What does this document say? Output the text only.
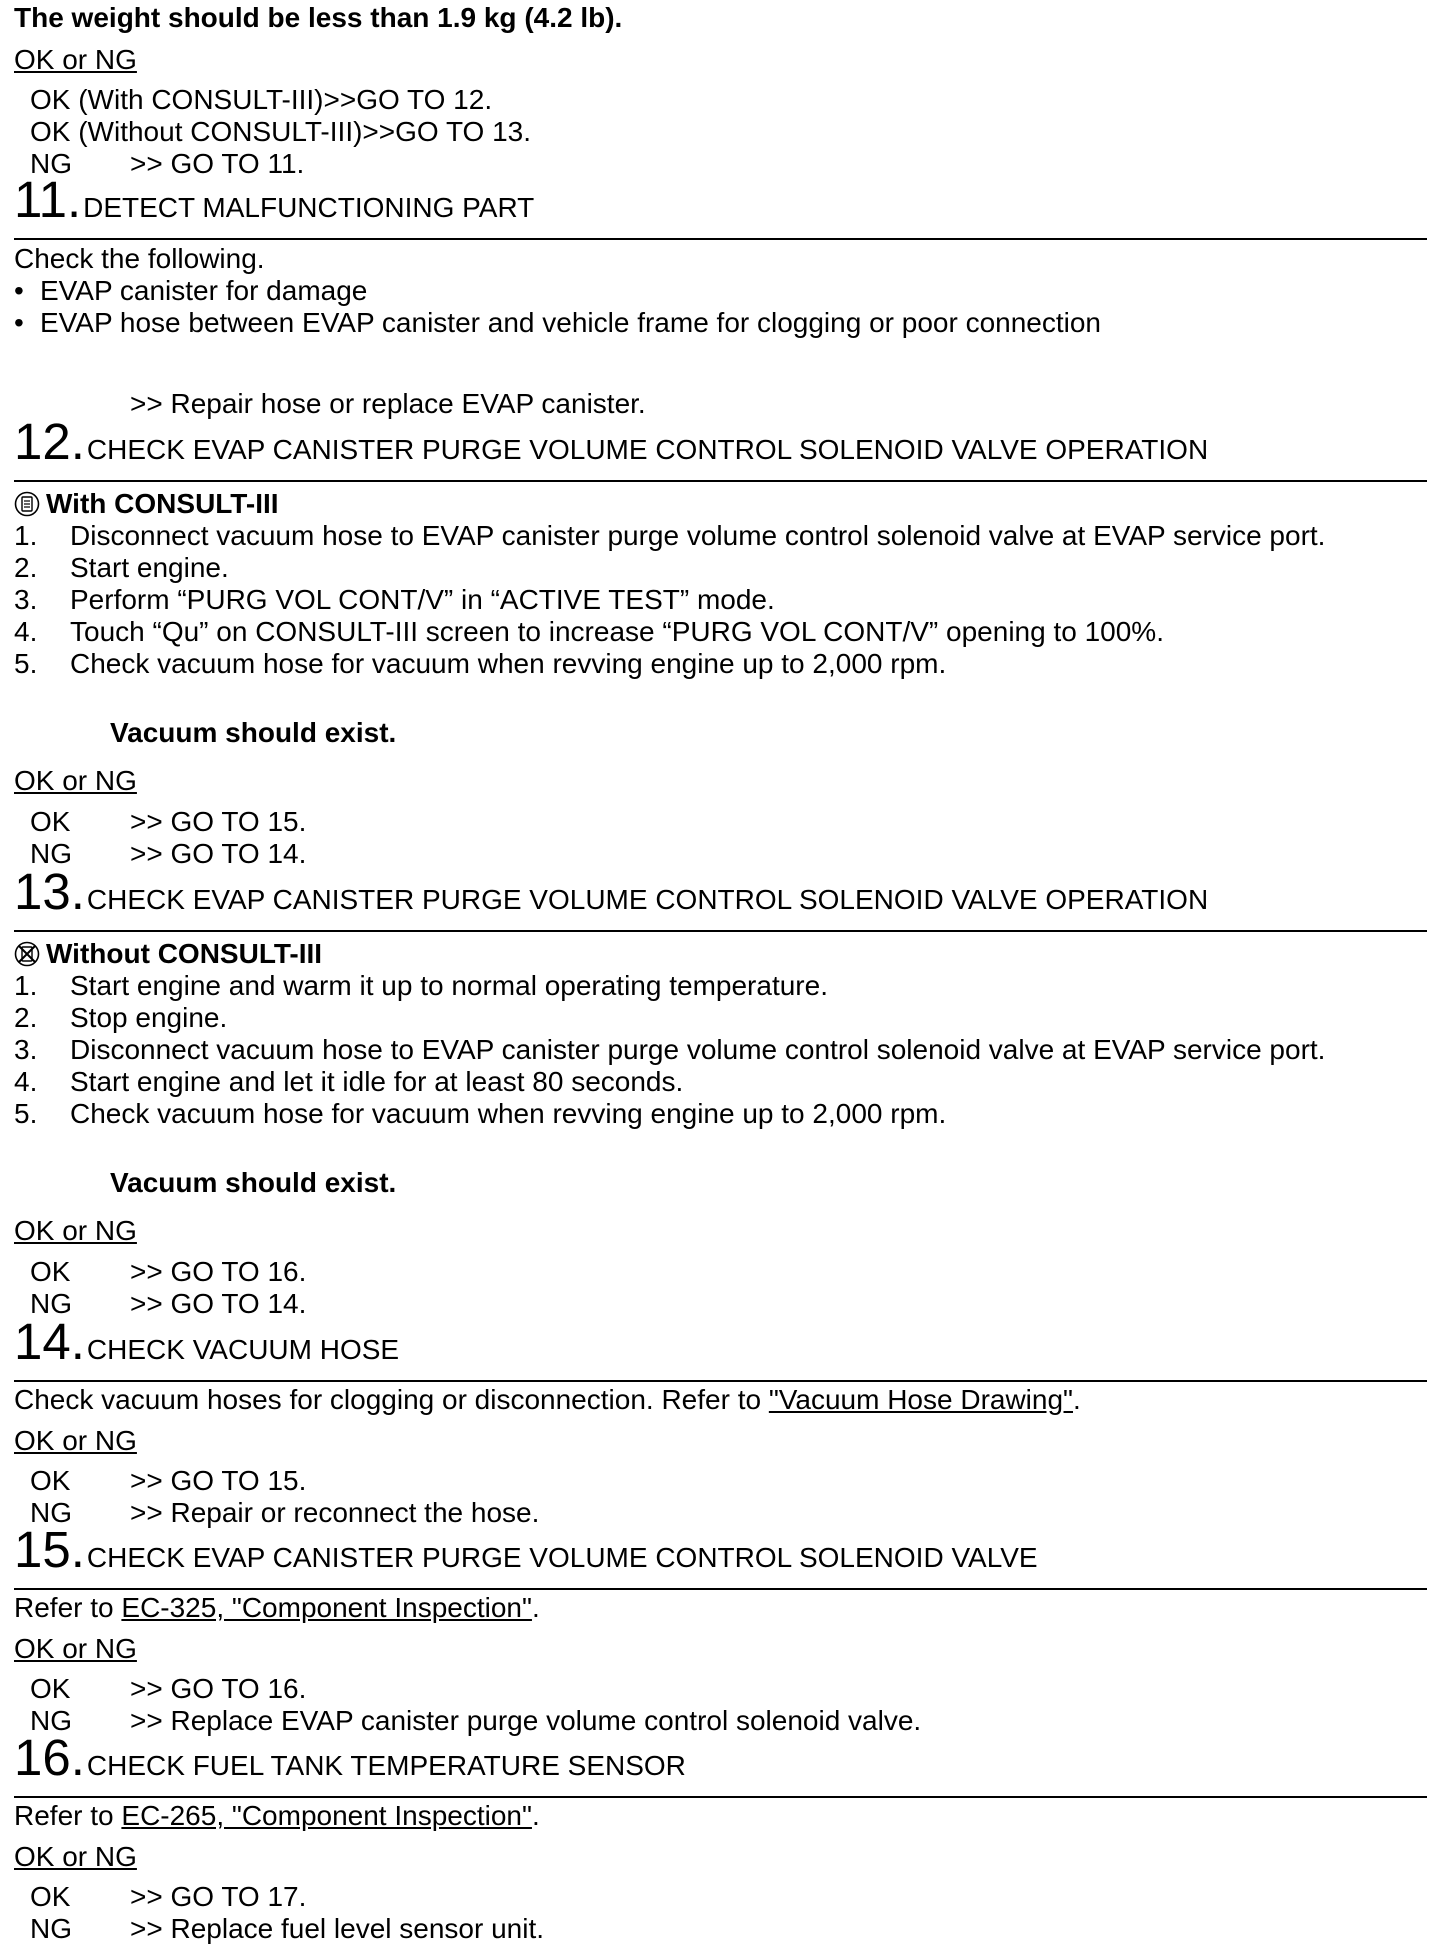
The weight should be less than 1.9 kg (4.2 lb).
OK or NG
OK (With CONSULT-III)>>GO TO 12.
OK (Without CONSULT-III)>>GO TO 13.
NG >> GO TO 11.
11.DETECT MALFUNCTIONING PART
Check the following.
• EVAP canister for damage
• EVAP hose between EVAP canister and vehicle frame for clogging or poor connection
>> Repair hose or replace EVAP canister.
12.CHECK EVAP CANISTER PURGE VOLUME CONTROL SOLENOID VALVE OPERATION
With CONSULT-III
1. Disconnect vacuum hose to EVAP canister purge volume control solenoid valve at EVAP service port.
2. Start engine.
3. Perform “PURG VOL CONT/V” in “ACTIVE TEST” mode.
4. Touch “Qu” on CONSULT-III screen to increase “PURG VOL CONT/V” opening to 100%.
5. Check vacuum hose for vacuum when revving engine up to 2,000 rpm.
Vacuum should exist.
OK or NG
OK >> GO TO 15.
NG >> GO TO 14.
13.CHECK EVAP CANISTER PURGE VOLUME CONTROL SOLENOID VALVE OPERATION
Without CONSULT-III
1. Start engine and warm it up to normal operating temperature.
2. Stop engine.
3. Disconnect vacuum hose to EVAP canister purge volume control solenoid valve at EVAP service port.
4. Start engine and let it idle for at least 80 seconds.
5. Check vacuum hose for vacuum when revving engine up to 2,000 rpm.
Vacuum should exist.
OK or NG
OK >> GO TO 16.
NG >> GO TO 14.
14.CHECK VACUUM HOSE
Check vacuum hoses for clogging or disconnection. Refer to "Vacuum Hose Drawing".
OK or NG
OK >> GO TO 15.
NG >> Repair or reconnect the hose.
15.CHECK EVAP CANISTER PURGE VOLUME CONTROL SOLENOID VALVE
Refer to EC-325, "Component Inspection".
OK or NG
OK >> GO TO 16.
NG >> Replace EVAP canister purge volume control solenoid valve.
16.CHECK FUEL TANK TEMPERATURE SENSOR
Refer to EC-265, "Component Inspection".
OK or NG
OK >> GO TO 17.
NG >> Replace fuel level sensor unit.
